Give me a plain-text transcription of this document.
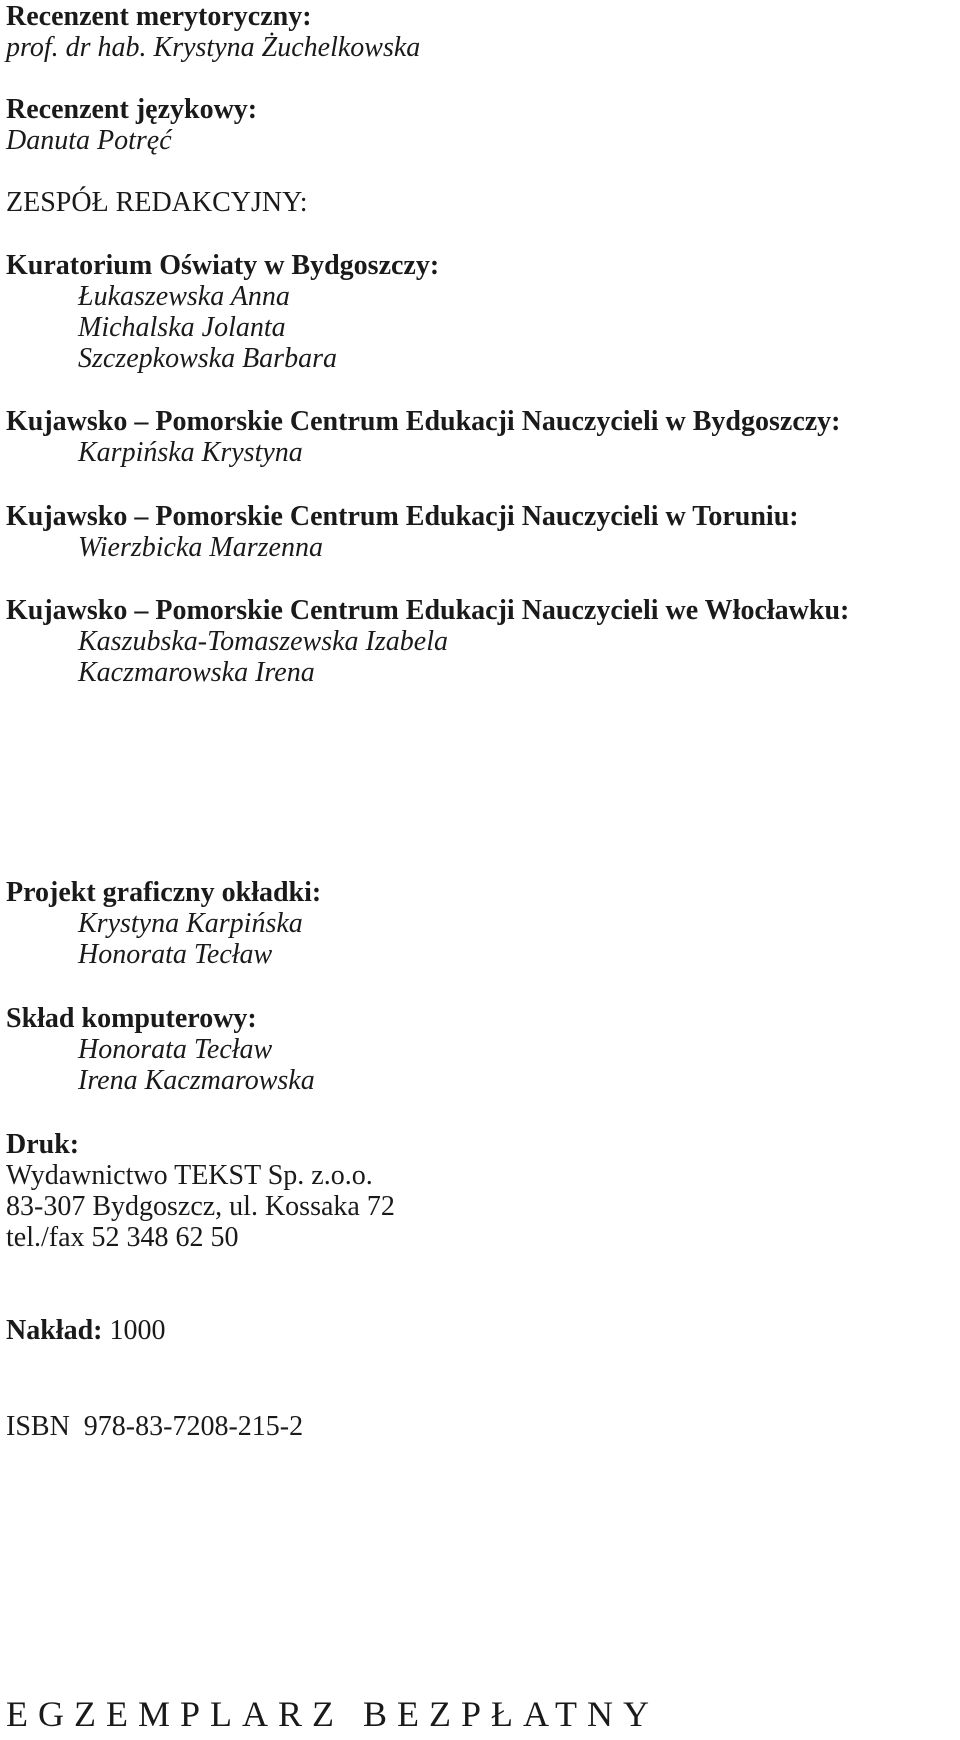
Recenzent merytoryczny:
prof. dr hab. Krystyna Żuchelkowska
Recenzent językowy:
Danuta Potręć
ZESPÓŁ REDAKCYJNY:
Kuratorium Oświaty w Bydgoszczy:
Łukaszewska Anna
Michalska Jolanta
Szczepkowska Barbara
Kujawsko – Pomorskie Centrum Edukacji Nauczycieli w Bydgoszczy:
Karpińska Krystyna
Kujawsko – Pomorskie Centrum Edukacji Nauczycieli w Toruniu:
Wierzbicka Marzenna
Kujawsko – Pomorskie Centrum Edukacji Nauczycieli we Włocławku:
Kaszubska-Tomaszewska Izabela
Kaczmarowska Irena
Projekt graficzny okładki:
Krystyna Karpińska
Honorata Tecław
Skład komputerowy:
Honorata Tecław
Irena Kaczmarowska
Druk:
Wydawnictwo TEKST Sp. z.o.o.
83-307 Bydgoszcz, ul. Kossaka 72
tel./fax 52 348 62 50
Nakład: 1000
ISBN  978-83-7208-215-2
EGZEMPLARZ BEZPŁATNY
